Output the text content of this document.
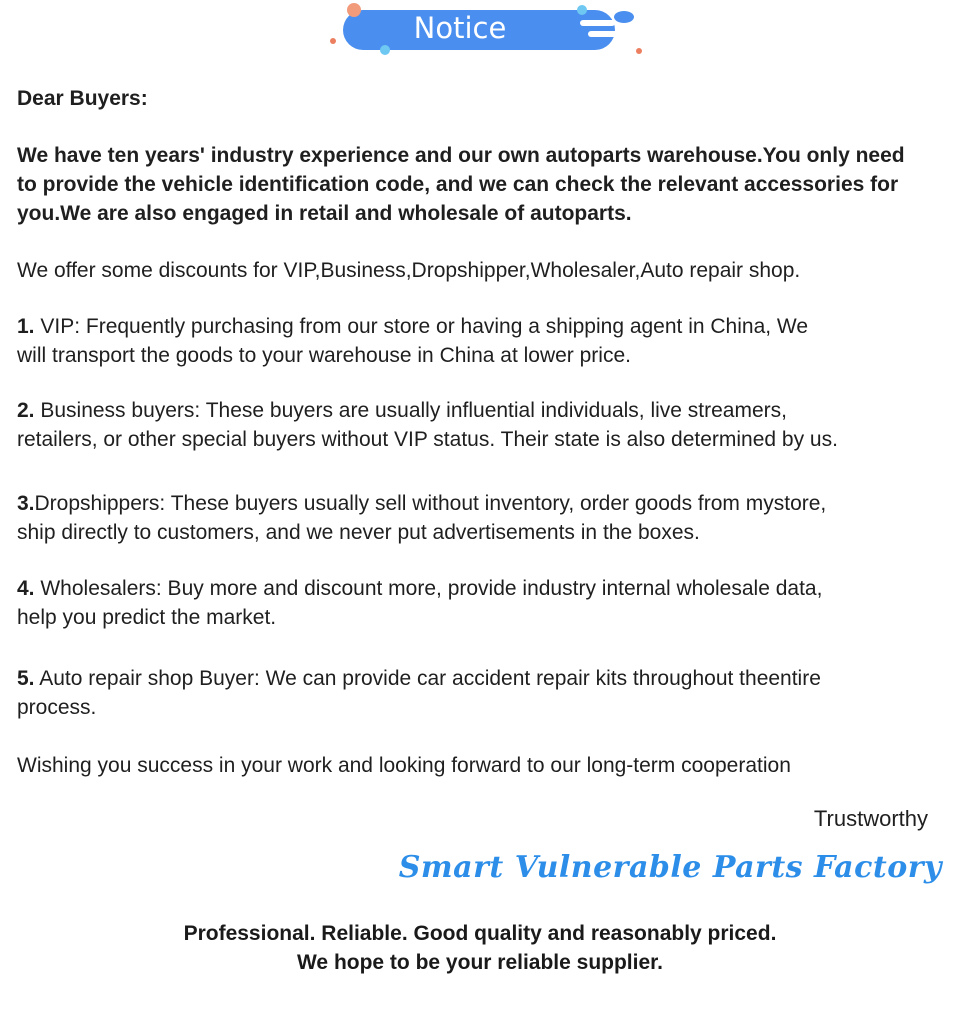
Notice
Dear Buyers:
We have ten years' industry experience and our own autoparts warehouse.You only need
to provide the vehicle identification code, and we can check the relevant accessories for
you.We are also engaged in retail and wholesale of autoparts.
We offer some discounts for VIP,Business,Dropshipper,Wholesaler,Auto repair shop.
1. VIP: Frequently purchasing from our store or having a shipping agent in China, We
will transport the goods to your warehouse in China at lower price.
2. Business buyers: These buyers are usually influential individuals, live streamers,
retailers, or other special buyers without VIP status. Their state is also determined by us.
3.Dropshippers: These buyers usually sell without inventory, order goods from mystore,
ship directly to customers, and we never put advertisements in the boxes.
4. Wholesalers: Buy more and discount more, provide industry internal wholesale data,
help you predict the market.
5. Auto repair shop Buyer: We can provide car accident repair kits throughout theentire
process.
Wishing you success in your work and looking forward to our long-term cooperation
Trustworthy
Smart Vulnerable Parts Factory
Professional. Reliable. Good quality and reasonably priced.
We hope to be your reliable supplier.
